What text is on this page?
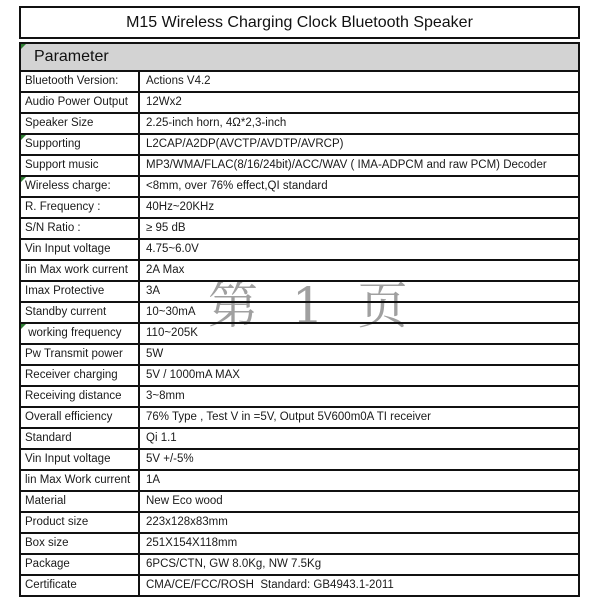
第 1 页
M15 Wireless Charging Clock Bluetooth Speaker
Parameter
Bluetooth Version:	Actions V4.2
Audio Power Output	12Wx2
Speaker Size	2.25-inch horn, 4Ω*2,3-inch
Supporting	L2CAP/A2DP(AVCTP/AVDTP/AVRCP)
Support music	MP3/WMA/FLAC(8/16/24bit)/ACC/WAV ( IMA-ADPCM and raw PCM) Decoder
Wireless charge:	<8mm, over 76% effect,QI standard
R. Frequency :	40Hz~20KHz
S/N Ratio :	≥ 95 dB
Vin Input voltage	4.75~6.0V
lin Max work current	2A Max
Imax Protective	3A
Standby current	10~30mA
working frequency	110~205K
Pw Transmit power	5W
Receiver charging	5V / 1000mA MAX
Receiving distance	3~8mm
Overall efficiency	76% Type , Test V in =5V, Output 5V600m0A TI receiver
Standard	Qi 1.1
Vin Input voltage	5V +/-5%
lin Max Work current	1A
Material	New Eco wood
Product size	223x128x83mm
Box size	251X154X118mm
Package	6PCS/CTN, GW 8.0Kg, NW 7.5Kg
Certificate	CMA/CE/FCC/ROSH  Standard: GB4943.1-2011
